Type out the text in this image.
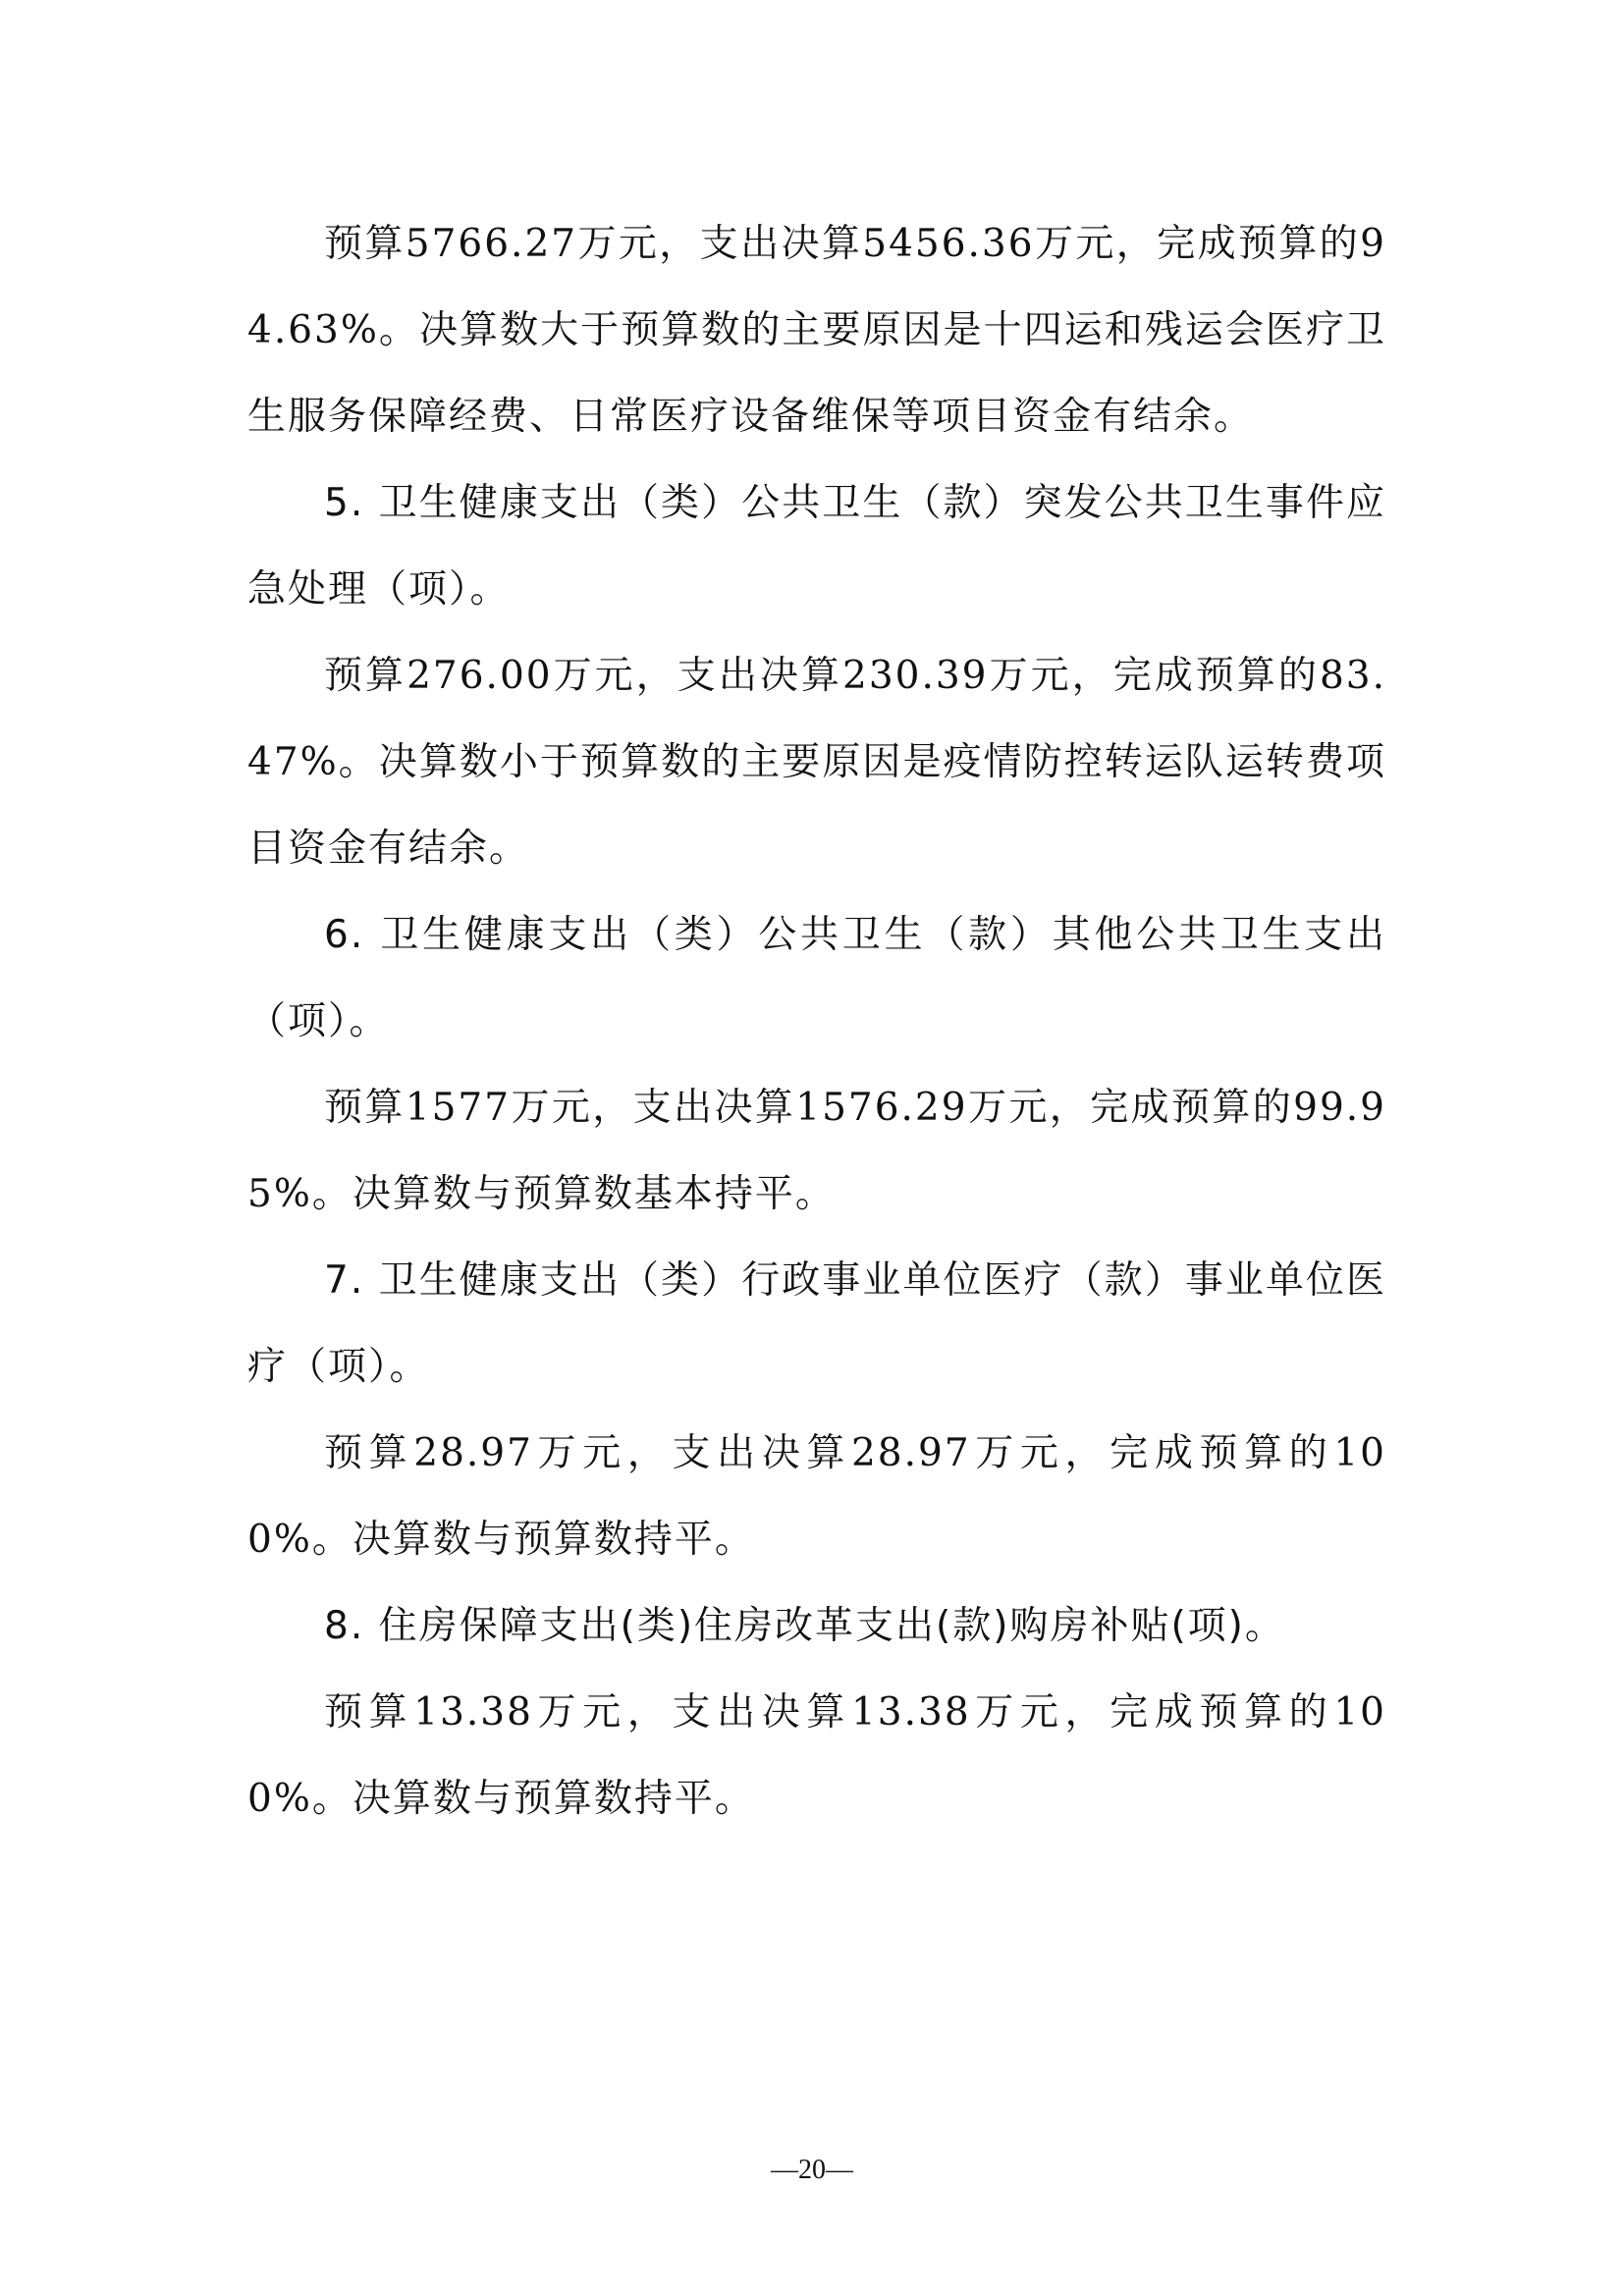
预算5766.27万元，支出决算5456.36万元，完成预算的94.63%。决算数大于预算数的主要原因是十四运和残运会医疗卫生服务保障经费、日常医疗设备维保等项目资金有结余。

5. 卫生健康支出（类）公共卫生（款）突发公共卫生事件应急处理（项）。

预算276.00万元，支出决算230.39万元，完成预算的83.47%。决算数小于预算数的主要原因是疫情防控转运队运转费项目资金有结余。

6. 卫生健康支出（类）公共卫生（款）其他公共卫生支出（项）。

预算1577万元，支出决算1576.29万元，完成预算的99.95%。决算数与预算数基本持平。

7. 卫生健康支出（类）行政事业单位医疗（款）事业单位医疗（项）。

预算28.97万元，支出决算28.97万元，完成预算的100%。决算数与预算数持平。

8. 住房保障支出(类)住房改革支出(款)购房补贴(项)。

预算13.38万元，支出决算13.38万元，完成预算的100%。决算数与预算数持平。

—20—
